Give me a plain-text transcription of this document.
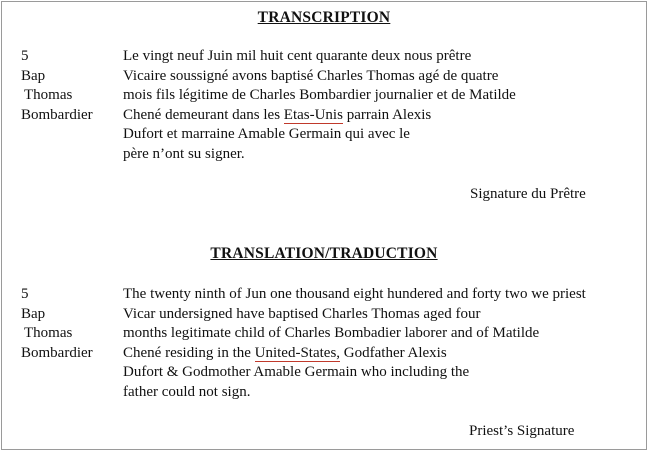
TRANSCRIPTION
5
Bap
Thomas
Bombardier
Le vingt neuf Juin mil huit cent quarante deux nous prêtre
Vicaire soussigné avons baptisé Charles Thomas agé de quatre
mois fils légitime de Charles Bombardier journalier et de Matilde
Chené demeurant dans les Etas-Unis parrain Alexis
Dufort et marraine Amable Germain qui avec le
père n’ont su signer.
Signature du Prêtre
TRANSLATION/TRADUCTION
5
Bap
Thomas
Bombardier
The twenty ninth of Jun one thousand eight hundered and forty two we priest
Vicar undersigned have baptised Charles Thomas aged four
months legitimate child of Charles Bombadier laborer and of Matilde
Chené residing in the United-States, Godfather Alexis
Dufort & Godmother Amable Germain who including the
father could not sign.
Priest’s Signature
